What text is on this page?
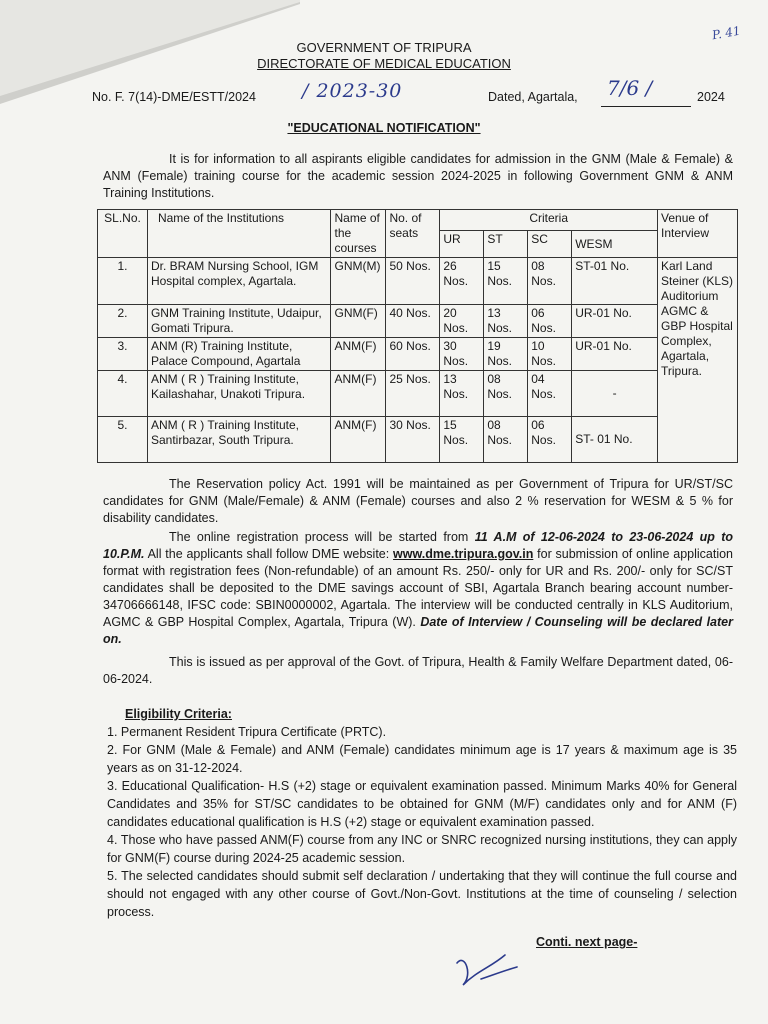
P. 41
GOVERNMENT OF TRIPURA
DIRECTORATE OF MEDICAL EDUCATION
No. F. 7(14)-DME/ESTT/2024 / 2023-30	Dated, Agartala, 7/6 /	2024
"EDUCATIONAL NOTIFICATION"
It is for information to all aspirants eligible candidates for admission in the GNM (Male & Female) & ANM (Female) training course for the academic session 2024-2025 in following Government GNM & ANM Training Institutions.
SL.No.	Name of the Institutions	Name of the courses	No. of seats	Criteria				Venue of Interview
				UR	ST	SC	WESM	
1.	Dr. BRAM Nursing School, IGM Hospital complex, Agartala.	GNM(M)	50 Nos.	26 Nos.	15 Nos.	08 Nos.	ST-01 No.	Karl Land Steiner (KLS) Auditorium AGMC & GBP Hospital Complex, Agartala, Tripura.
2.	GNM Training Institute, Udaipur, Gomati Tripura.	GNM(F)	40 Nos.	20 Nos.	13 Nos.	06 Nos.	UR-01 No.	
3.	ANM (R) Training Institute, Palace Compound, Agartala	ANM(F)	60 Nos.	30 Nos.	19 Nos.	10 Nos.	UR-01 No.	
4.	ANM ( R ) Training Institute, Kailashahar, Unakoti Tripura.	ANM(F)	25 Nos.	13 Nos.	08 Nos.	04 Nos.	-	
5.	ANM ( R ) Training Institute, Santirbazar, South Tripura.	ANM(F)	30 Nos.	15 Nos.	08 Nos.	06 Nos.	ST- 01 No.	
The Reservation policy Act. 1991 will be maintained as per Government of Tripura for UR/ST/SC candidates for GNM (Male/Female) & ANM (Female) courses and also 2 % reservation for WESM & 5 % for disability candidates.
The online registration process will be started from 11 A.M of 12-06-2024 to 23-06-2024 up to 10.P.M. All the applicants shall follow DME website: www.dme.tripura.gov.in for submission of online application format with registration fees (Non-refundable) of an amount Rs. 250/- only for UR and Rs. 200/- only for SC/ST candidates shall be deposited to the DME savings account of SBI, Agartala Branch bearing account number-34706666148, IFSC code: SBIN0000002, Agartala. The interview will be conducted centrally in KLS Auditorium, AGMC & GBP Hospital Complex, Agartala, Tripura (W). Date of Interview / Counseling will be declared later on.
This is issued as per approval of the Govt. of Tripura, Health & Family Welfare Department dated, 06-06-2024.
Eligibility Criteria:
1. Permanent Resident Tripura Certificate (PRTC).
2. For GNM (Male & Female) and ANM (Female) candidates minimum age is 17 years & maximum age is 35 years as on 31-12-2024.
3. Educational Qualification- H.S (+2) stage or equivalent examination passed. Minimum Marks 40% for General Candidates and 35% for ST/SC candidates to be obtained for GNM (M/F) candidates only and for ANM (F) candidates educational qualification is H.S (+2) stage or equivalent examination passed.
4. Those who have passed ANM(F) course from any INC or SNRC recognized nursing institutions, they can apply for GNM(F) course during 2024-25 academic session.
5. The selected candidates should submit self declaration / undertaking that they will continue the full course and should not engaged with any other course of Govt./Non-Govt. Institutions at the time of counseling / selection process.
Conti. next page-
